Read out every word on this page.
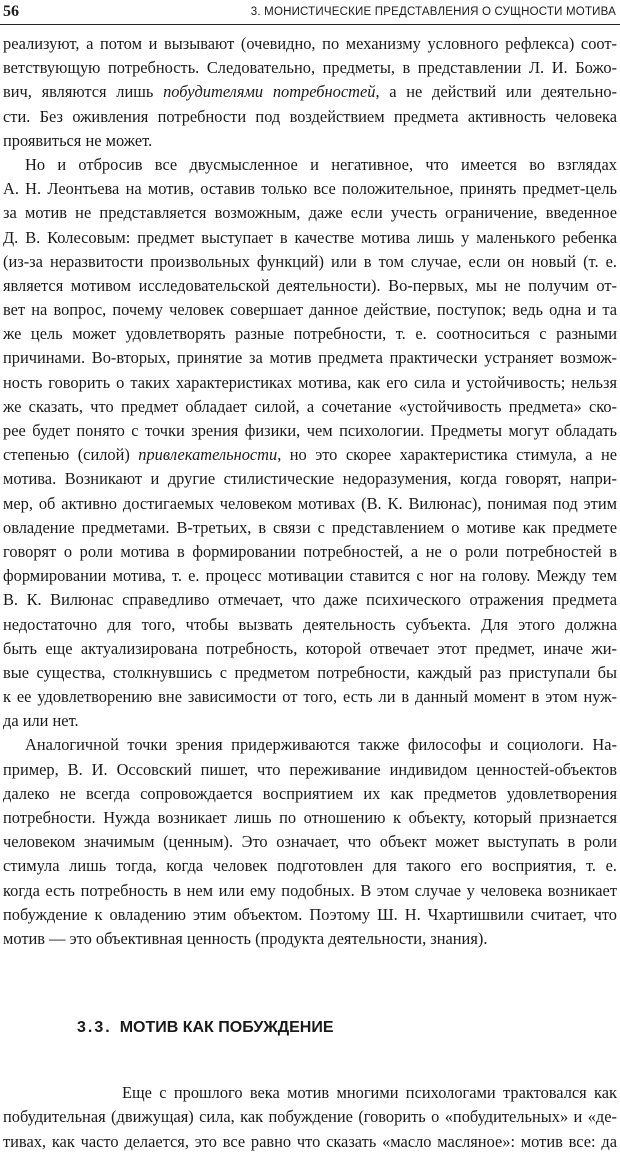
56	3. МОНИСТИЧЕСКИЕ ПРЕДСТАВЛЕНИЯ О СУЩНОСТИ МОТИВА
реализуют, а потом и вызывают (очевидно, по механизму условного рефлекса) соот-
ветствующую потребность. Следовательно, предметы, в представлении Л. И. Божо-
вич, являются лишь побудителями потребностей, а не действий или деятельно-
сти. Без оживления потребности под воздействием предмета активность человека
проявиться не может.
Но и отбросив все двусмысленное и негативное, что имеется во взглядах
А. Н. Леонтьева на мотив, оставив только все положительное, принять предмет-цель
за мотив не представляется возможным, даже если учесть ограничение, введенное
Д. В. Колесовым: предмет выступает в качестве мотива лишь у маленького ребенка
(из-за неразвитости произвольных функций) или в том случае, если он новый (т. е.
является мотивом исследовательской деятельности). Во-первых, мы не получим от-
вет на вопрос, почему человек совершает данное действие, поступок; ведь одна и та
же цель может удовлетворять разные потребности, т. е. соотноситься с разными
причинами. Во-вторых, принятие за мотив предмета практически устраняет возмож-
ность говорить о таких характеристиках мотива, как его сила и устойчивость; нельзя
же сказать, что предмет обладает силой, а сочетание «устойчивость предмета» ско-
рее будет понято с точки зрения физики, чем психологии. Предметы могут обладать
степенью (силой) привлекательности, но это скорее характеристика стимула, а не
мотива. Возникают и другие стилистические недоразумения, когда говорят, напри-
мер, об активно достигаемых человеком мотивах (В. К. Вилюнас), понимая под этим
овладение предметами. В-третьих, в связи с представлением о мотиве как предмете
говорят о роли мотива в формировании потребностей, а не о роли потребностей в
формировании мотива, т. е. процесс мотивации ставится с ног на голову. Между тем
В. К. Вилюнас справедливо отмечает, что даже психического отражения предмета
недостаточно для того, чтобы вызвать деятельность субъекта. Для этого должна
быть еще актуализирована потребность, которой отвечает этот предмет, иначе жи-
вые существа, столкнувшись с предметом потребности, каждый раз приступали бы
к ее удовлетворению вне зависимости от того, есть ли в данный момент в этом нуж-
да или нет.
Аналогичной точки зрения придерживаются также философы и социологи. На-
пример, В. И. Оссовский пишет, что переживание индивидом ценностей-объектов
далеко не всегда сопровождается восприятием их как предметов удовлетворения
потребности. Нужда возникает лишь по отношению к объекту, который признается
человеком значимым (ценным). Это означает, что объект может выступать в роли
стимула лишь тогда, когда человек подготовлен для такого его восприятия, т. е.
когда есть потребность в нем или ему подобных. В этом случае у человека возникает
побуждение к овладению этим объектом. Поэтому Ш. Н. Чхартишвили считает, что
мотив — это объективная ценность (продукта деятельности, знания).
3.3. МОТИВ КАК ПОБУЖДЕНИЕ
Еще с прошлого века мотив многими психологами трактовался как
побудительная (движущая) сила, как побуждение (говорить о «побудительных» и «де-
тивах, как часто делается, это все равно что сказать «масло масляное»: мотив все: да
